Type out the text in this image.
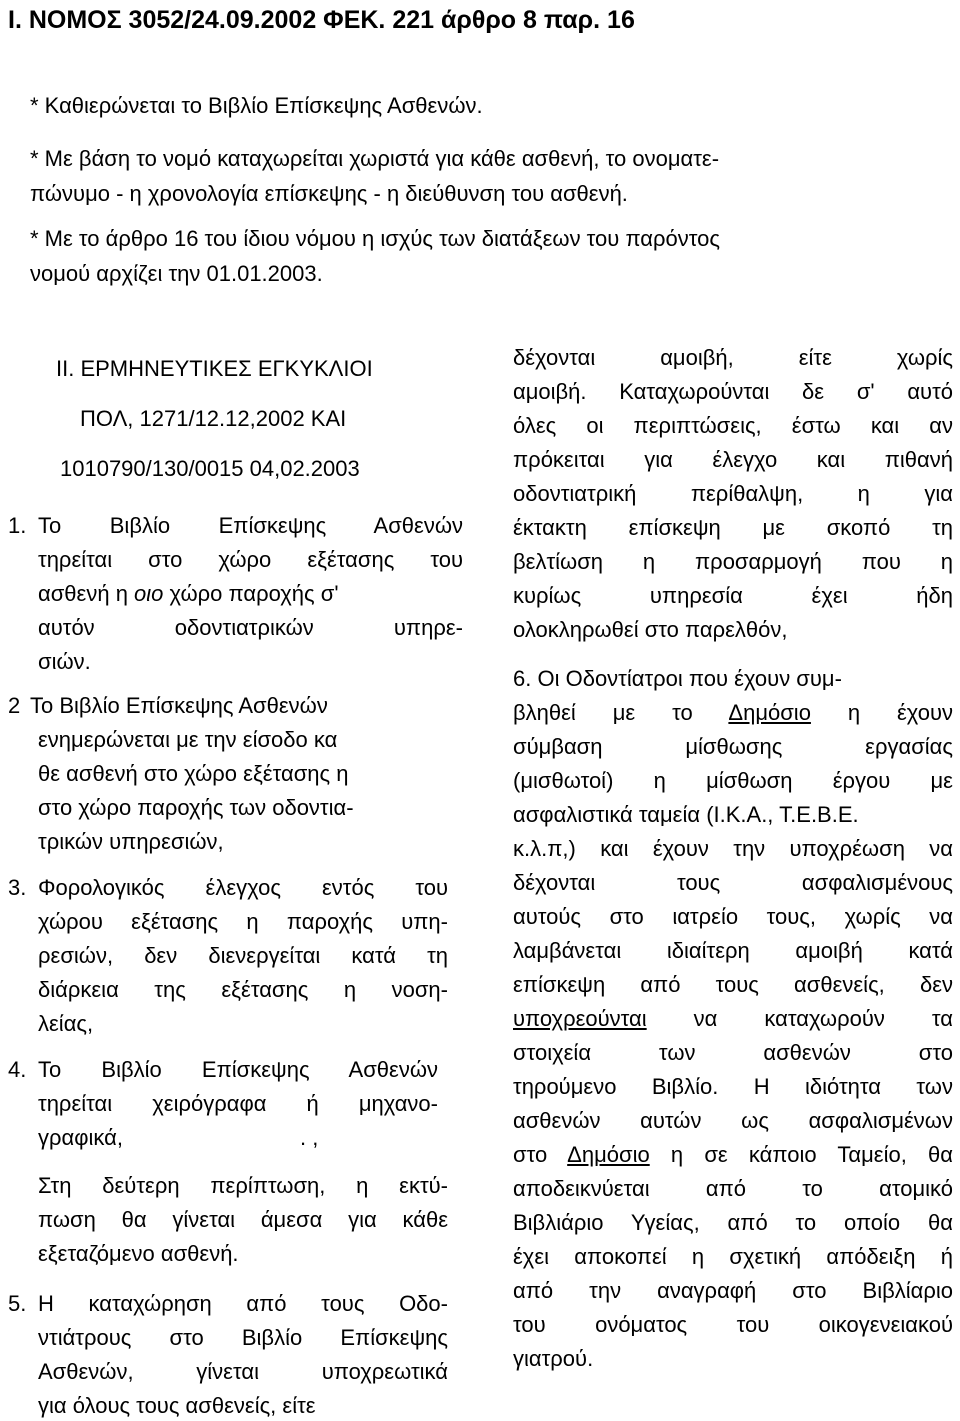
Ι. ΝΟΜΟΣ 3052/24.09.2002 ΦΕΚ. 221 άρθρο 8 παρ. 16
* Καθιερώνεται το Βιβλίο Επίσκεψης Ασθενών.
* Με βάση το νομό καταχωρείται χωριστά για κάθε ασθενή, το ονοματε-
πώνυμο - η χρονολογία επίσκεψης - η διεύθυνση του ασθενή.
* Με το άρθρο 16 του ίδιου νόμου η ισχύς των διατάξεων του παρόντος
νομού αρχίζει την 01.01.2003.
ΙΙ. ΕΡΜΗΝΕΥΤΙΚΕΣ ΕΓΚΥΚΛΙΟΙ
ΠΟΛ, 1271/12.12,2002 ΚΑΙ
1010790/130/0015 04,02.2003
1. Το Βιβλίο Επίσκεψης Ασθενών
τηρείται στο χώρο εξέτασης του
ασθενή η οιο χώρο παροχής σ'
αυτόν οδοντιατρικών υπηρε-
σιών.
2 Το Βιβλίο Επίσκεψης Ασθενών
ενημερώνεται με την είσοδο κα
θε ασθενή στο χώρο εξέτασης η
στο χώρο παροχής των οδοντια-
τρικών υπηρεσιών,
3. Φορολογικός έλεγχος εντός του
χώρου εξέτασης η παροχής υπη-
ρεσιών, δεν διενεργείται κατά τη
διάρκεια της εξέτασης η νοση-
λείας,
4. Το Βιβλίο Επίσκεψης Ασθενών
τηρείται χειρόγραφα ή μηχανο-
γραφικά,	. ,
Στη δεύτερη περίπτωση, η εκτύ-
πωση θα γίνεται άμεσα για κάθε
εξεταζόμενο ασθενή.
5. Η καταχώρηση από τους Οδο-
ντιάτρους στο Βιβλίο Επίσκεψης
Ασθενών, γίνεται υποχρεωτικά
για όλους τους ασθενείς, είτε
δέχονται αμοιβή, είτε χωρίς
αμοιβή. Καταχωρούνται δε σ' αυτό
όλες οι περιπτώσεις, έστω και αν
πρόκειται για έλεγχο και πιθανή
οδοντιατρική περίθαλψη, η για
έκτακτη επίσκεψη με σκοπό τη
βελτίωση η προσαρμογή που η
κυρίως υπηρεσία έχει ήδη
ολοκληρωθεί στο παρελθόν,
6. Οι Οδοντίατροι που έχουν συμ-
βληθεί με το Δημόσιο η έχουν
σύμβαση μίσθωσης εργασίας
(μισθωτοί) η μίσθωση έργου με
ασφαλιστικά ταμεία (Ι.Κ.Α., Τ.Ε.Β.Ε.
κ.λ.π,) και έχουν την υποχρέωση να
δέχονται τους ασφαλισμένους
αυτούς στο ιατρείο τους, χωρίς να
λαμβάνεται ιδιαίτερη αμοιβή κατά
επίσκεψη από τους ασθενείς, δεν
υποχρεούνται να καταχωρούν τα
στοιχεία των ασθενών στο
τηρούμενο Βιβλίο. Η ιδιότητα των
ασθενών αυτών ως ασφαλισμένων
στο Δημόσιο η σε κάποιο Ταμείο, θα
αποδεικνύεται από το ατομικό
Βιβλιάριο Υγείας, από το οποίο θα
έχει αποκοπεί η σχετική απόδειξη ή
από την αναγραφή στο Βιβλίαριο
του ονόματος του οικογενειακού
γιατρού.
